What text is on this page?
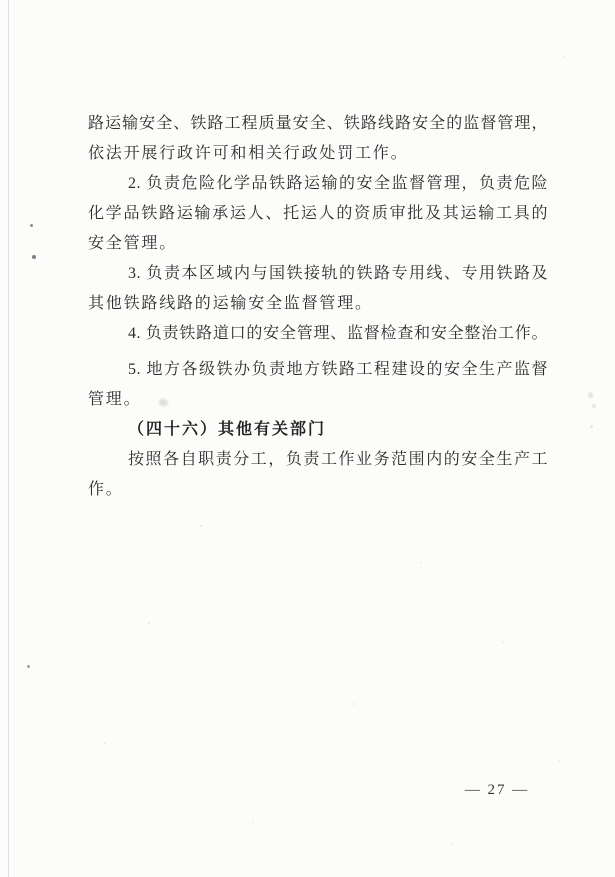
路运输安全、铁路工程质量安全、铁路线路安全的监督管理，

依法开展行政许可和相关行政处罚工作。

2. 负责危险化学品铁路运输的安全监督管理，负责危险

化学品铁路运输承运人、托运人的资质审批及其运输工具的

安全管理。

3. 负责本区域内与国铁接轨的铁路专用线、专用铁路及

其他铁路线路的运输安全监督管理。

4. 负责铁路道口的安全管理、监督检查和安全整治工作。

5. 地方各级铁办负责地方铁路工程建设的安全生产监督

管理。

（四十六）其他有关部门

按照各自职责分工，负责工作业务范围内的安全生产工

作。

— 27 —
